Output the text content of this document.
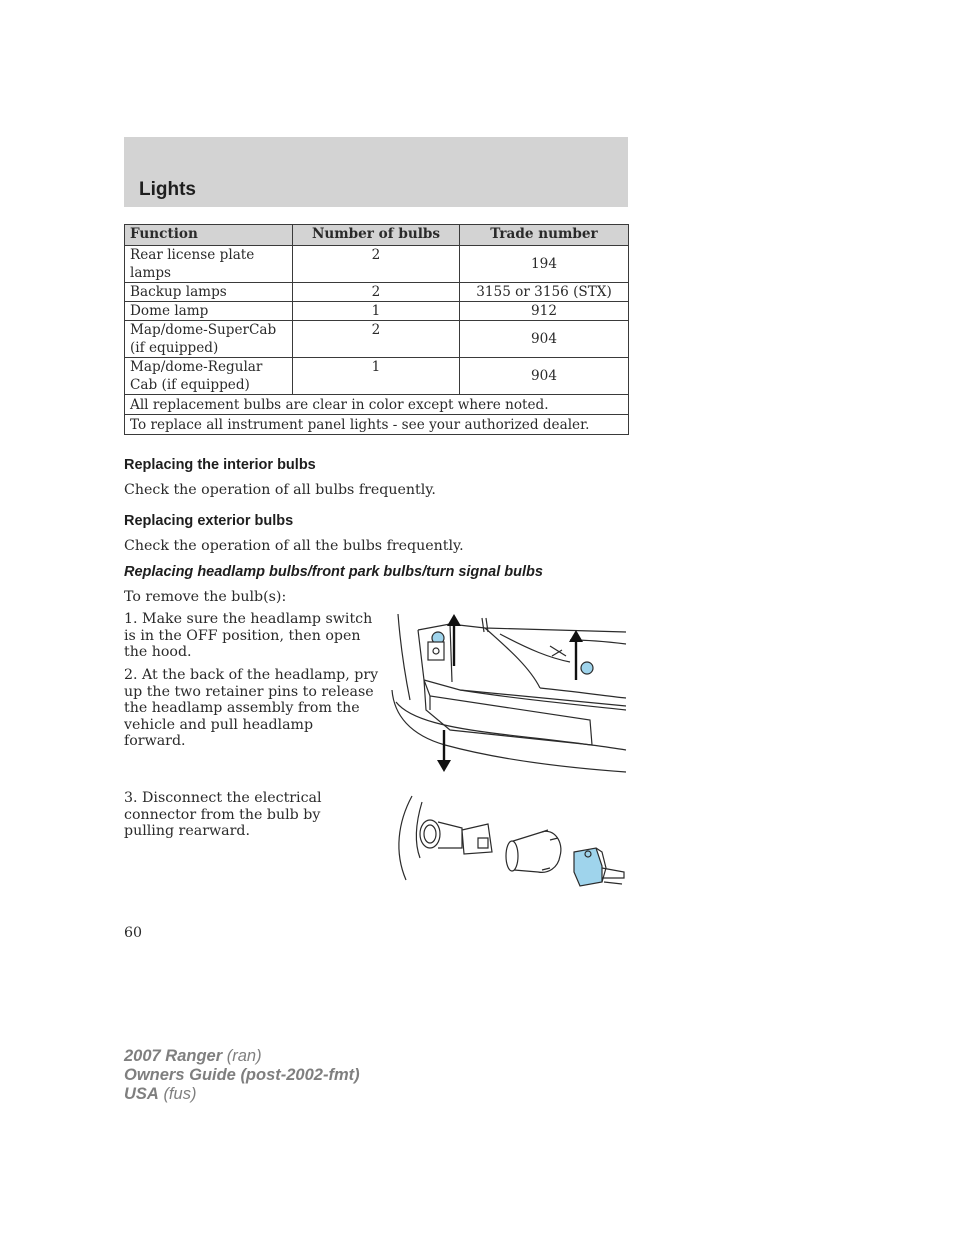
Lights
Function	Number of bulbs	Trade number
Rear license plate lamps	2	194
Backup lamps	2	3155 or 3156 (STX)
Dome lamp	1	912
Map/dome-SuperCab (if equipped)	2	904
Map/dome-Regular Cab (if equipped)	1	904
All replacement bulbs are clear in color except where noted.		
To replace all instrument panel lights - see your authorized dealer.		
Replacing the interior bulbs
Check the operation of all bulbs frequently.
Replacing exterior bulbs
Check the operation of all the bulbs frequently.
Replacing headlamp bulbs/front park bulbs/turn signal bulbs
To remove the bulb(s):
1. Make sure the headlamp switch is in the OFF position, then open the hood.
2. At the back of the headlamp, pry up the two retainer pins to release the headlamp assembly from the vehicle and pull headlamp forward.
3. Disconnect the electrical connector from the bulb by pulling rearward.
60
2007 Ranger (ran)
Owners Guide (post-2002-fmt)
USA (fus)
